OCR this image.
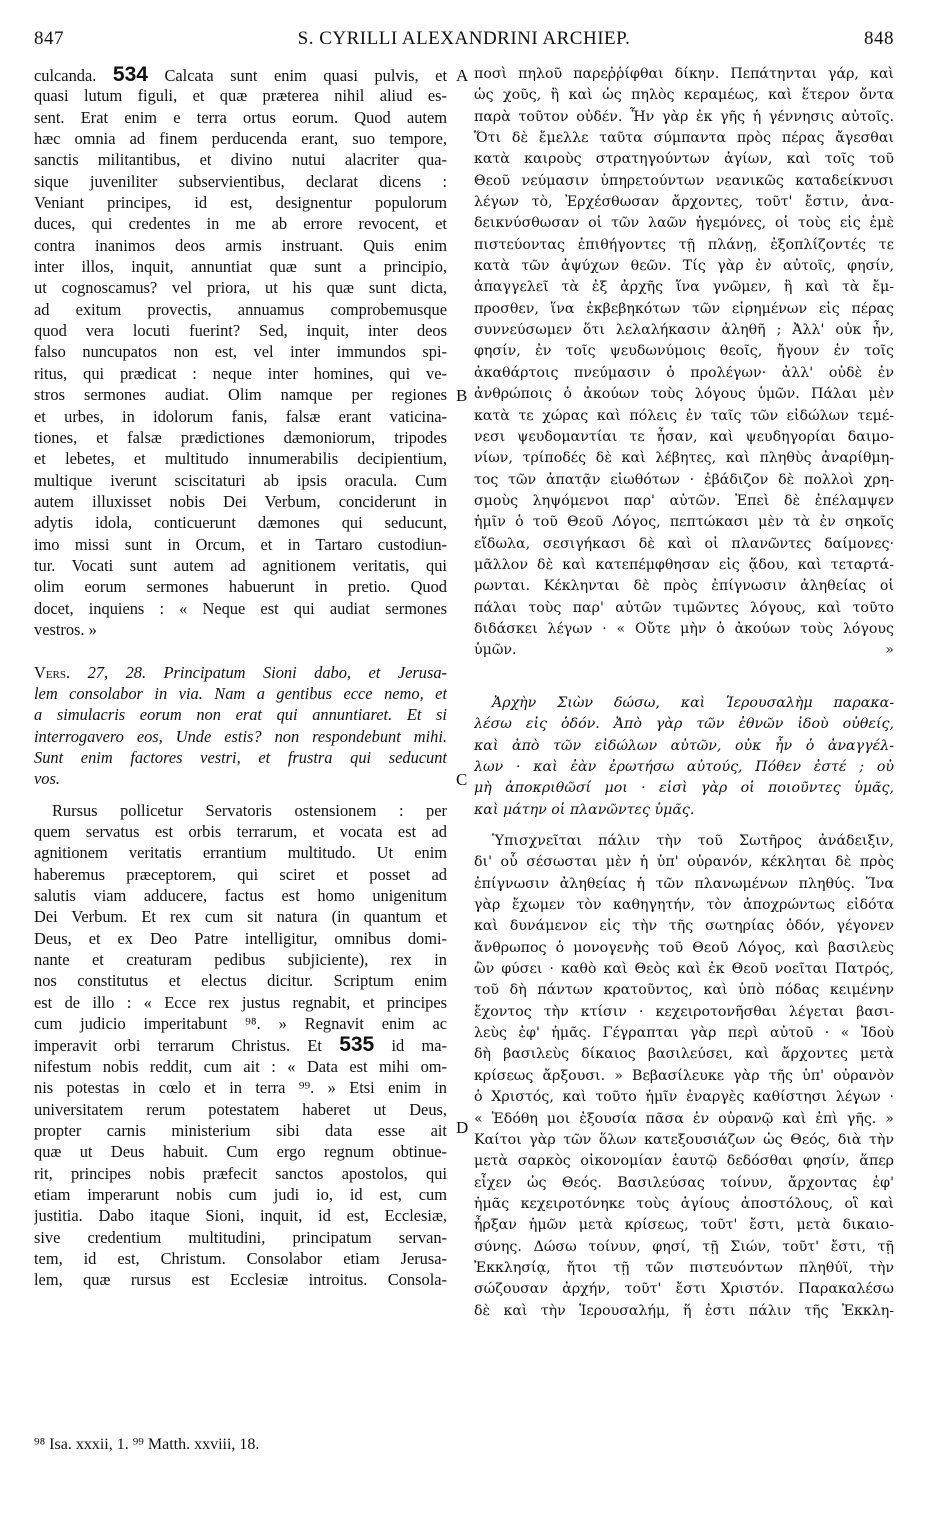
847	S. CYRILLI ALEXANDRINI ARCHIEP.	848
culcanda. 534 Calcata sunt enim quasi pulvis, et
quasi lutum figuli, et quæ præterea nihil aliud es-
sent. Erat enim e terra ortus eorum. Quod autem
hæc omnia ad finem perducenda erant, suo tempore,
sanctis militantibus, et divino nutui alacriter qua-
sique juveniliter subservientibus, declarat dicens :
Veniant principes, id est, designentur populorum
duces, qui credentes in me ab errore revocent, et
contra inanimos deos armis instruant. Quis enim
inter illos, inquit, annuntiat quæ sunt a principio,
ut cognoscamus? vel priora, ut his quæ sunt dicta,
ad exitum provectis, annuamus comprobemusque
quod vera locuti fuerint? Sed, inquit, inter deos
falso nuncupatos non est, vel inter immundos spi-
ritus, qui prædicat : neque inter homines, qui ve-
stros sermones audiat. Olim namque per regiones
et urbes, in idolorum fanis, falsæ erant vaticina-
tiones, et falsæ prædictiones dæmoniorum, tripodes
et lebetes, et multitudo innumerabilis decipientium,
multique iverunt sciscitaturi ab ipsis oracula. Cum
autem illuxisset nobis Dei Verbum, conciderunt in
adytis idola, conticuerunt dæmones qui seducunt,
imo missi sunt in Orcum, et in Tartaro custodiun-
tur. Vocati sunt autem ad agnitionem veritatis, qui
olim eorum sermones habuerunt in pretio. Quod
docet, inquiens : « Neque est qui audiat sermones
vestros. »
Vers. 27, 28. Principatum Sioni dabo, et Jerusa-
lem consolabor in via. Nam a gentibus ecce nemo, et
a simulacris eorum non erat qui annuntiaret. Et si
interrogavero eos, Unde estis? non respondebunt mihi.
Sunt enim factores vestri, et frustra qui seducunt
vos.
Rursus pollicetur Servatoris ostensionem : per
quem servatus est orbis terrarum, et vocata est ad
agnitionem veritatis errantium multitudo. Ut enim
haberemus præceptorem, qui sciret et posset ad
salutis viam adducere, factus est homo unigenitum
Dei Verbum. Et rex cum sit natura (in quantum et
Deus, et ex Deo Patre intelligitur, omnibus domi-
nante et creaturam pedibus subjiciente), rex in
nos constitutus et electus dicitur. Scriptum enim
est de illo : « Ecce rex justus regnabit, et principes
cum judicio imperitabunt ⁹⁸. » Regnavit enim ac
imperavit orbi terrarum Christus. Et 535 id ma-
nifestum nobis reddit, cum ait : « Data est mihi om-
nis potestas in cœlo et in terra ⁹⁹. » Etsi enim in
universitatem rerum potestatem haberet ut Deus,
propter carnis ministerium sibi data esse ait
quæ ut Deus habuit. Cum ergo regnum obtinue-
rit, principes nobis præfecit sanctos apostolos, qui
etiam imperarunt nobis cum judi io, id est, cum
justitia. Dabo itaque Sioni, inquit, id est, Ecclesiæ,
sive credentium multitudini, principatum servan-
tem, id est, Christum. Consolabor etiam Jerusa-
lem, quæ rursus est Ecclesiæ introitus. Consola-
A
B
C
D
ποσὶ πηλοῦ παρεῤῥίφθαι δίκην. Πεπάτηνται γάρ, καὶ
ὡς χοῦς, ἢ καὶ ὡς πηλὸς κεραμέως, καὶ ἕτερον ὄντα
παρὰ τοῦτον οὐδέν. Ἦν γὰρ ἐκ γῆς ἡ γέννησις αὐτοῖς.
Ὅτι δὲ ἔμελλε ταῦτα σύμπαντα πρὸς πέρας ἄγεσθαι
κατὰ καιροὺς στρατηγούντων ἁγίων, καὶ τοῖς τοῦ
Θεοῦ νεύμασιν ὑπηρετούντων νεανικῶς καταδείκνυσι
λέγων τὸ, Ἐρχέσθωσαν ἄρχοντες, τοῦτ' ἔστιν, ἀνα-
δεικνύσθωσαν οἱ τῶν λαῶν ἡγεμόνες, οἱ τοὺς εἰς ἐμὲ
πιστεύοντας ἐπιθήγοντες τῇ πλάνῃ, ἐξοπλίζοντές τε
κατὰ τῶν ἀψύχων θεῶν. Τίς γὰρ ἐν αὐτοῖς, φησίν,
ἀπαγγελεῖ τὰ ἐξ ἀρχῆς ἵνα γνῶμεν, ἢ καὶ τὰ ἔμ-
προσθεν, ἵνα ἐκβεβηκότων τῶν εἰρημένων εἰς πέρας
συννεύσωμεν ὅτι λελαλήκασιν ἀληθῆ ; Ἀλλ' οὐκ ἦν,
φησίν, ἐν τοῖς ψευδωνύμοις θεοῖς, ἤγουν ἐν τοῖς
ἀκαθάρτοις πνεύμασιν ὁ προλέγων· ἀλλ' οὐδὲ ἐν
ἀνθρώποις ὁ ἀκούων τοὺς λόγους ὑμῶν. Πάλαι μὲν
κατὰ τε χώρας καὶ πόλεις ἐν ταῖς τῶν εἰδώλων τεμέ-
νεσι ψευδομαντίαι τε ἦσαν, καὶ ψευδηγορίαι δαιμο-
νίων, τρίποδές δὲ καὶ λέβητες, καὶ πληθὺς ἀναρίθμη-
τος τῶν ἀπατᾷν εἰωθότων · ἐβάδιζον δὲ πολλοὶ χρη-
σμοὺς ληψόμενοι παρ' αὐτῶν. Ἐπεὶ δὲ ἐπέλαμψεν
ἡμῖν ὁ τοῦ Θεοῦ Λόγος, πεπτώκασι μὲν τὰ ἐν σηκοῖς
εἴδωλα, σεσιγήκασι δὲ καὶ οἱ πλανῶντες δαίμονες·
μᾶλλον δὲ καὶ κατεπέμφθησαν εἰς ᾅδου, καὶ τεταρτά-
ρωνται. Κέκληνται δὲ πρὸς ἐπίγνωσιν ἀληθείας οἱ
πάλαι τοὺς παρ' αὐτῶν τιμῶντες λόγους, καὶ τοῦτο
διδάσκει λέγων · « Οὔτε μὴν ὁ ἀκούων τοὺς λόγους
ὑμῶν. »
Ἀρχὴν Σιὼν δώσω, καὶ Ἱερουσαλὴμ παρακα-
λέσω εἰς ὁδόν. Ἀπὸ γὰρ τῶν ἐθνῶν ἰδοὺ οὐθείς,
καὶ ἀπὸ τῶν εἰδώλων αὐτῶν, οὐκ ἦν ὁ ἀναγγέλ-
λων · καὶ ἐὰν ἐρωτήσω αὐτούς, Πόθεν ἐστέ ; οὐ
μὴ ἀποκριθῶσί μοι · εἰσὶ γὰρ οἱ ποιοῦντες ὑμᾶς,
καὶ μάτην οἱ πλανῶντες ὑμᾶς.
Ὑπισχνεῖται πάλιν τὴν τοῦ Σωτῆρος ἀνάδειξιν,
δι' οὗ σέσωσται μὲν ἡ ὑπ' οὐρανόν, κέκληται δὲ πρὸς
ἐπίγνωσιν ἀληθείας ἡ τῶν πλανωμένων πληθύς. Ἵνα
γὰρ ἔχωμεν τὸν καθηγητήν, τὸν ἀποχρώντως εἰδότα
καὶ δυνάμενον εἰς τὴν τῆς σωτηρίας ὁδόν, γέγονεν
ἄνθρωπος ὁ μονογενὴς τοῦ Θεοῦ Λόγος, καὶ βασιλεὺς
ὢν φύσει · καθὸ καὶ Θεὸς καὶ ἐκ Θεοῦ νοεῖται Πατρός,
τοῦ δὴ πάντων κρατοῦντος, καὶ ὑπὸ πόδας κειμένην
ἔχοντος τὴν κτίσιν · κεχειροτονῆσθαι λέγεται βασι-
λεὺς ἐφ' ἡμᾶς. Γέγραπται γὰρ περὶ αὐτοῦ · « Ἰδοὺ
δὴ βασιλεὺς δίκαιος βασιλεύσει, καὶ ἄρχοντες μετὰ
κρίσεως ἄρξουσι. » Βεβασίλευκε γὰρ τῆς ὑπ' οὐρανὸν
ὁ Χριστός, καὶ τοῦτο ἡμῖν ἐναργὲς καθίστησι λέγων ·
« Ἐδόθη μοι ἐξουσία πᾶσα ἐν οὐρανῷ καὶ ἐπὶ γῆς. »
Καίτοι γὰρ τῶν ὅλων κατεξουσιάζων ὡς Θεός, διὰ τὴν
μετὰ σαρκὸς οἰκονομίαν ἑαυτῷ δεδόσθαι φησίν, ἅπερ
εἶχεν ὡς Θεός. Βασιλεύσας τοίνυν, ἄρχοντας ἐφ'
ἡμᾶς κεχειροτόνηκε τοὺς ἁγίους ἀποστόλους, οἳ καὶ
ἦρξαν ἡμῶν μετὰ κρίσεως, τοῦτ' ἔστι, μετὰ δικαιο-
σύνης. Δώσω τοίνυν, φησί, τῇ Σιών, τοῦτ' ἔστι, τῇ
Ἐκκλησίᾳ, ἤτοι τῇ τῶν πιστευόντων πληθύϊ, τὴν
σώζουσαν ἀρχήν, τοῦτ' ἔστι Χριστόν. Παρακαλέσω
δὲ καὶ τὴν Ἱερουσαλήμ, ἥ ἐστι πάλιν τῆς Ἐκκλη-
⁹⁸ Isa. xxxii, 1. ⁹⁹ Matth. xxviii, 18.
